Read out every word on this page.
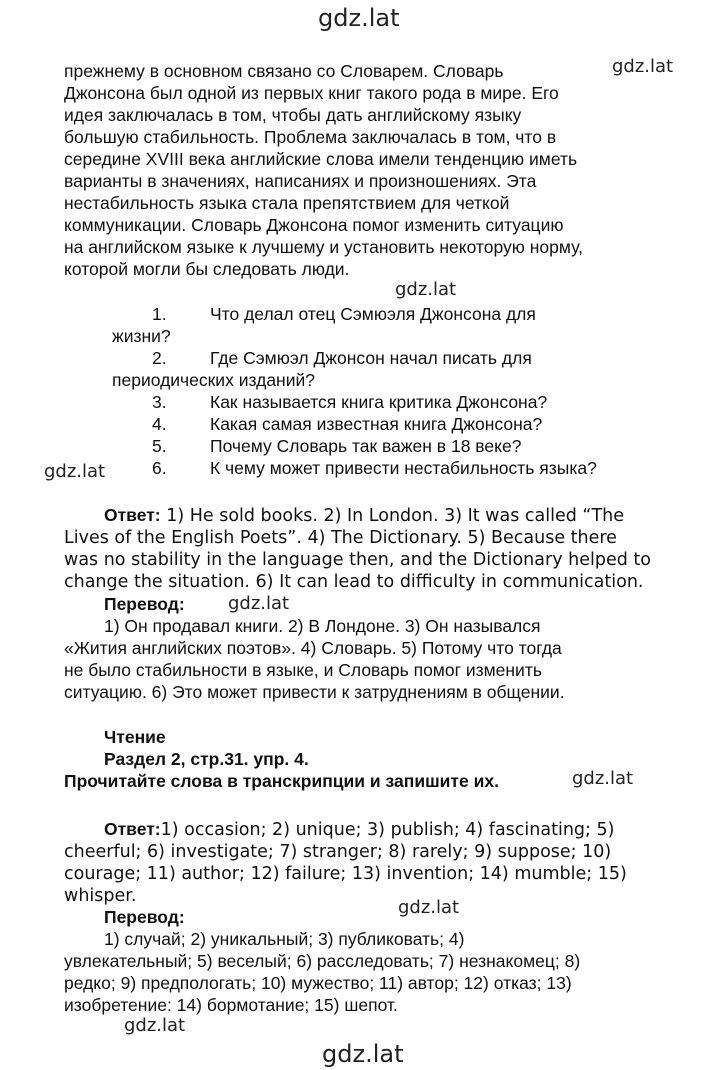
gdz.lat
gdz.lat
gdz.lat
gdz.lat
gdz.lat
gdz.lat
gdz.lat
gdz.lat
gdz.lat
прежнему в основном связано со Словарем. Словарь
Джонсона был одной из первых книг такого рода в мире. Его
идея заключалась в том, чтобы дать английскому языку
большую стабильность. Проблема заключалась в том, что в
середине XVIII века английские слова имели тенденцию иметь
варианты в значениях, написаниях и произношениях. Эта
нестабильность языка стала препятствием для четкой
коммуникации. Словарь Джонсона помог изменить ситуацию
на английском языке к лучшему и установить некоторую норму,
которой могли бы следовать люди.
1. Что делал отец Сэмюэля Джонсона для
жизни?
2. Где Сэмюэл Джонсон начал писать для
периодических изданий?
3. Как называется книга критика Джонсона?
4. Какая самая известная книга Джонсона?
5. Почему Словарь так важен в 18 веке?
6. К чему может привести нестабильность языка?
Ответ: 1) He sold books. 2) In London. 3) It was called “The
Lives of the English Poets”. 4) The Dictionary. 5) Because there
was no stability in the language then, and the Dictionary helped to
change the situation. 6) It can lead to difficulty in communication.
Перевод:
1) Он продавал книги. 2) В Лондоне. 3) Он назывался
«Жития английских поэтов». 4) Словарь. 5) Потому что тогда
не было стабильности в языке, и Словарь помог изменить
ситуацию. 6) Это может привести к затруднениям в общении.
Чтение
Раздел 2, стр.31. упр. 4.
Прочитайте слова в транскрипции и запишите их.
Ответ:1) occasion; 2) unique; 3) publish; 4) fascinating; 5)
cheerful; 6) investigate; 7) stranger; 8) rarely; 9) suppose; 10)
courage; 11) author; 12) failure; 13) invention; 14) mumble; 15)
whisper.
Перевод:
1) случай; 2) уникальный; 3) публиковать; 4)
увлекательный; 5) веселый; 6) расследовать; 7) незнакомец; 8)
редко; 9) предпологать; 10) мужество; 11) автор; 12) отказ; 13)
изобретение: 14) бормотание; 15) шепот.
